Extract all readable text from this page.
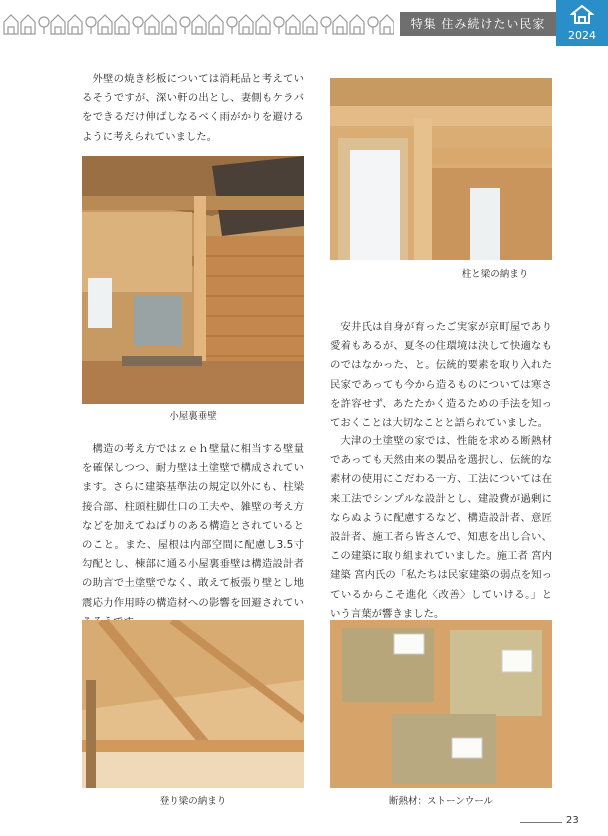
特集 住み続けたい民家
2024

外壁の焼き杉板については消耗品と考えているそうですが、深い軒の出とし、妻側もケラバをできるだけ伸ばしなるべく雨がかりを避けるように考えられていました。

小屋裏垂壁

構造の考え方ではｚｅｈ壁量に相当する壁量を確保しつつ、耐力壁は土塗壁で構成されています。さらに建築基準法の規定以外にも、柱梁接合部、柱頭柱脚仕口の工夫や、雑壁の考え方などを加えてねばりのある構造とされているとのこと。また、屋根は内部空間に配慮し3.5寸勾配とし、棟部に通る小屋裏垂壁は構造設計者の助言で土塗壁でなく、敢えて板張り壁とし地震応力作用時の構造材への影響を回避されてい

柱と梁の納まり

安井氏は自身が育ったご実家が京町屋であり愛着もあるが、夏冬の住環境は決して快適なものではなかった、と。伝統的要素を取り入れた民家であっても今から造るものについては寒さを許容せず、あたたかく造るための手法を知っておくことは大切なことと語られていました。

大津の土塗壁の家では、性能を求める断熱材であっても天然由来の製品を選択し、伝統的な素材の使用にこだわる一方、工法については在来工法でシンプルな設計とし、建設費が過剰にならぬように配慮するなど、構造設計者、意匠設計者、施工者ら皆さんで、知恵を出し合い、この建築に取り組まれていました。施工者 宮内建築 宮内氏の「私たちは民家建築の弱点を知っているからこそ進化〈改善〉していける。」という言葉が響きました。

登り梁の納まり	断熱材：ストーンウール
23
